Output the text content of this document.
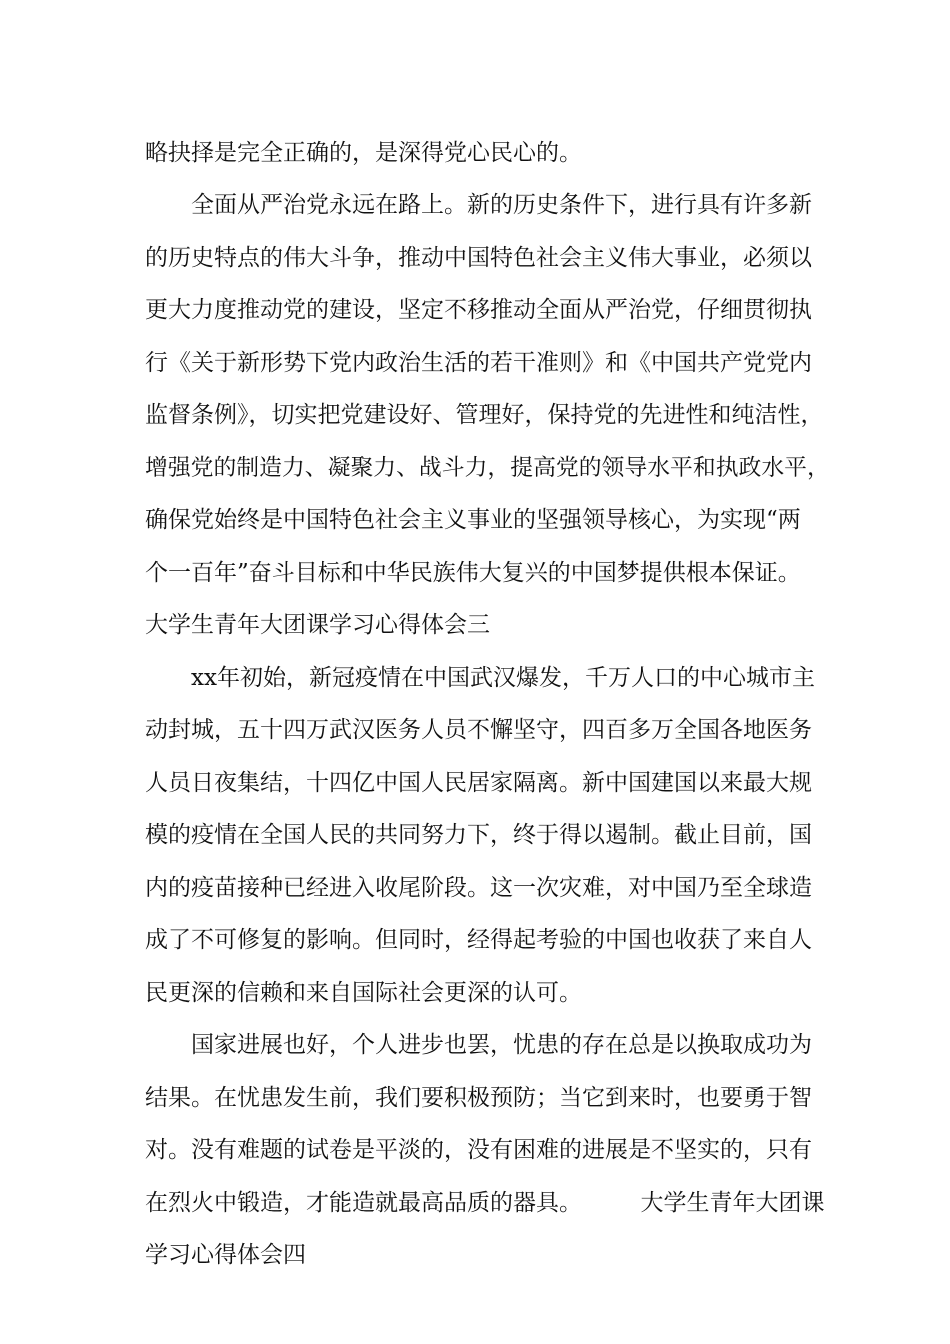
略抉择是完全正确的，是深得党心民心的。
全面从严治党永远在路上。新的历史条件下，进行具有许多新
的历史特点的伟大斗争，推动中国特色社会主义伟大事业，必须以
更大力度推动党的建设，坚定不移推动全面从严治党，仔细贯彻执
行《关于新形势下党内政治生活的若干准则》和《中国共产党党内
监督条例》，切实把党建设好、管理好，保持党的先进性和纯洁性，
增强党的制造力、凝聚力、战斗力，提高党的领导水平和执政水平，
确保党始终是中国特色社会主义事业的坚强领导核心，为实现“两
个一百年”奋斗目标和中华民族伟大复兴的中国梦提供根本保证。
大学生青年大团课学习心得体会三
xx年初始，新冠疫情在中国武汉爆发，千万人口的中心城市主
动封城，五十四万武汉医务人员不懈坚守，四百多万全国各地医务
人员日夜集结，十四亿中国人民居家隔离。新中国建国以来最大规
模的疫情在全国人民的共同努力下，终于得以遏制。截止目前，国
内的疫苗接种已经进入收尾阶段。这一次灾难，对中国乃至全球造
成了不可修复的影响。但同时，经得起考验的中国也收获了来自人
民更深的信赖和来自国际社会更深的认可。
国家进展也好，个人进步也罢，忧患的存在总是以换取成功为
结果。在忧患发生前，我们要积极预防；当它到来时，也要勇于智
对。没有难题的试卷是平淡的，没有困难的进展是不坚实的，只有
在烈火中锻造，才能造就最高品质的器具。        大学生青年大团课
学习心得体会四
